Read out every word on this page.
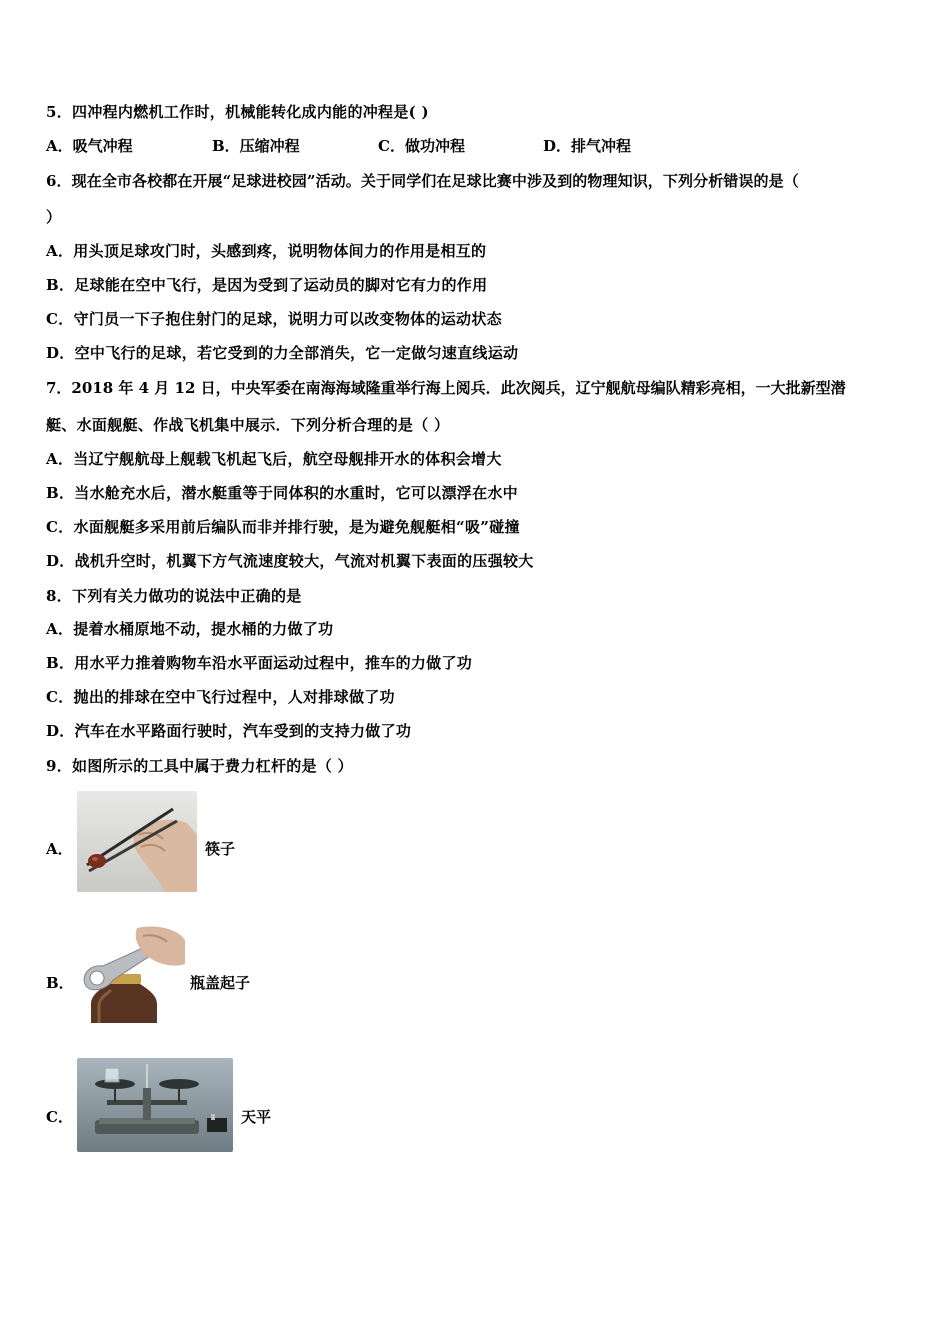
5．四冲程内燃机工作时，机械能转化成内能的冲程是( )
A．吸气冲程	B．压缩冲程	C．做功冲程	D．排气冲程
6．现在全市各校都在开展“足球进校园”活动。关于同学们在足球比赛中涉及到的物理知识，下列分析错误的是（
）
A．用头顶足球攻门时，头感到疼，说明物体间力的作用是相互的
B．足球能在空中飞行，是因为受到了运动员的脚对它有力的作用
C．守门员一下子抱住射门的足球，说明力可以改变物体的运动状态
D．空中飞行的足球，若它受到的力全部消失，它一定做匀速直线运动
7．2018 年 4 月 12 日，中央军委在南海海域隆重举行海上阅兵．此次阅兵，辽宁舰航母编队精彩亮相，一大批新型潜
艇、水面舰艇、作战飞机集中展示．下列分析合理的是（ ）
A．当辽宁舰航母上舰载飞机起飞后，航空母舰排开水的体积会增大
B．当水舱充水后，潜水艇重等于同体积的水重时，它可以漂浮在水中
C．水面舰艇多采用前后编队而非并排行驶，是为避免舰艇相“吸”碰撞
D．战机升空时，机翼下方气流速度较大，气流对机翼下表面的压强较大
8．下列有关力做功的说法中正确的是
A．提着水桶原地不动，提水桶的力做了功
B．用水平力推着购物车沿水平面运动过程中，推车的力做了功
C．抛出的排球在空中飞行过程中，人对排球做了功
D．汽车在水平路面行驶时，汽车受到的支持力做了功
9．如图所示的工具中属于费力杠杆的是（ ）
A．	筷子
B．	瓶盖起子
C．	天平
